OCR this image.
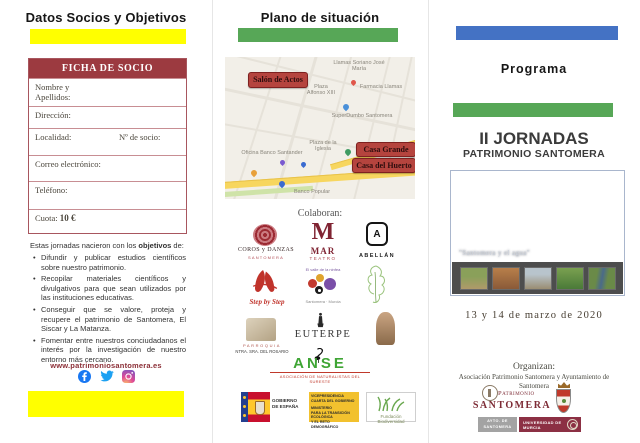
Datos Socios y Objetivos
FICHA DE SOCIO
Nombre y Apellidos:
Dirección:
Localidad:	Nº de socio:
Correo electrónico:
Teléfono:
Cuota: 10 €

Estas jornadas nacieron con los objetivos de:

• Difundir y publicar estudios científicos sobre nuestro patrimonio.
• Recopilar materiales científicos y divulgativos para que sean utilizados por las instituciones educativas.
• Conseguir que se valore, proteja y recupere el patrimonio de Santomera, El Siscar y La Matanza.
• Fomentar entre nuestros conciudadanos el interés por la investigación de nuestro entorno más cercano.
www.patrimoniosantomera.es

Plano de situación
Llamas Soriano José María
Plaza Alfonso XIII
Farmacia Llamas
SuperDumbo Santomera
Plaza de la Iglesia
Oficina Banco Santander
Banco Popular
Salón de Actos
Casa Grande
Casa del Huerto
Colaboran:
COROS y DANZAS
SANTOMERA
M
MAR
TEATRO
A
ABELLÁN
Step by Step
El valle de la ninfea
Santomera · Murcia
PARROQUIA
NTRA. SRA. DEL ROSARIO
EUTERPE
ANSE
ASOCIACIÓN DE NATURALISTAS DEL SURESTE
GOBIERNO
DE ESPAÑA
VICEPRESIDENCIA
CUARTA DEL GOBIERNO
MINISTERIO
PARA LA TRANSICIÓN ECOLÓGICA
Y EL RETO DEMOGRÁFICO
Fundación Biodiversidad
Programa
II JORNADAS
PATRIMONIO SANTOMERA
"Santomera y el agua"
13 y 14 de marzo de 2020
Organizan:
Asociación Patrimonio Santomera y Ayuntamiento de Santomera
Patrimonio
SANTOMERA
AYTO. DE
SANTOMERA
UNIVERSIDAD DE MURCIA
